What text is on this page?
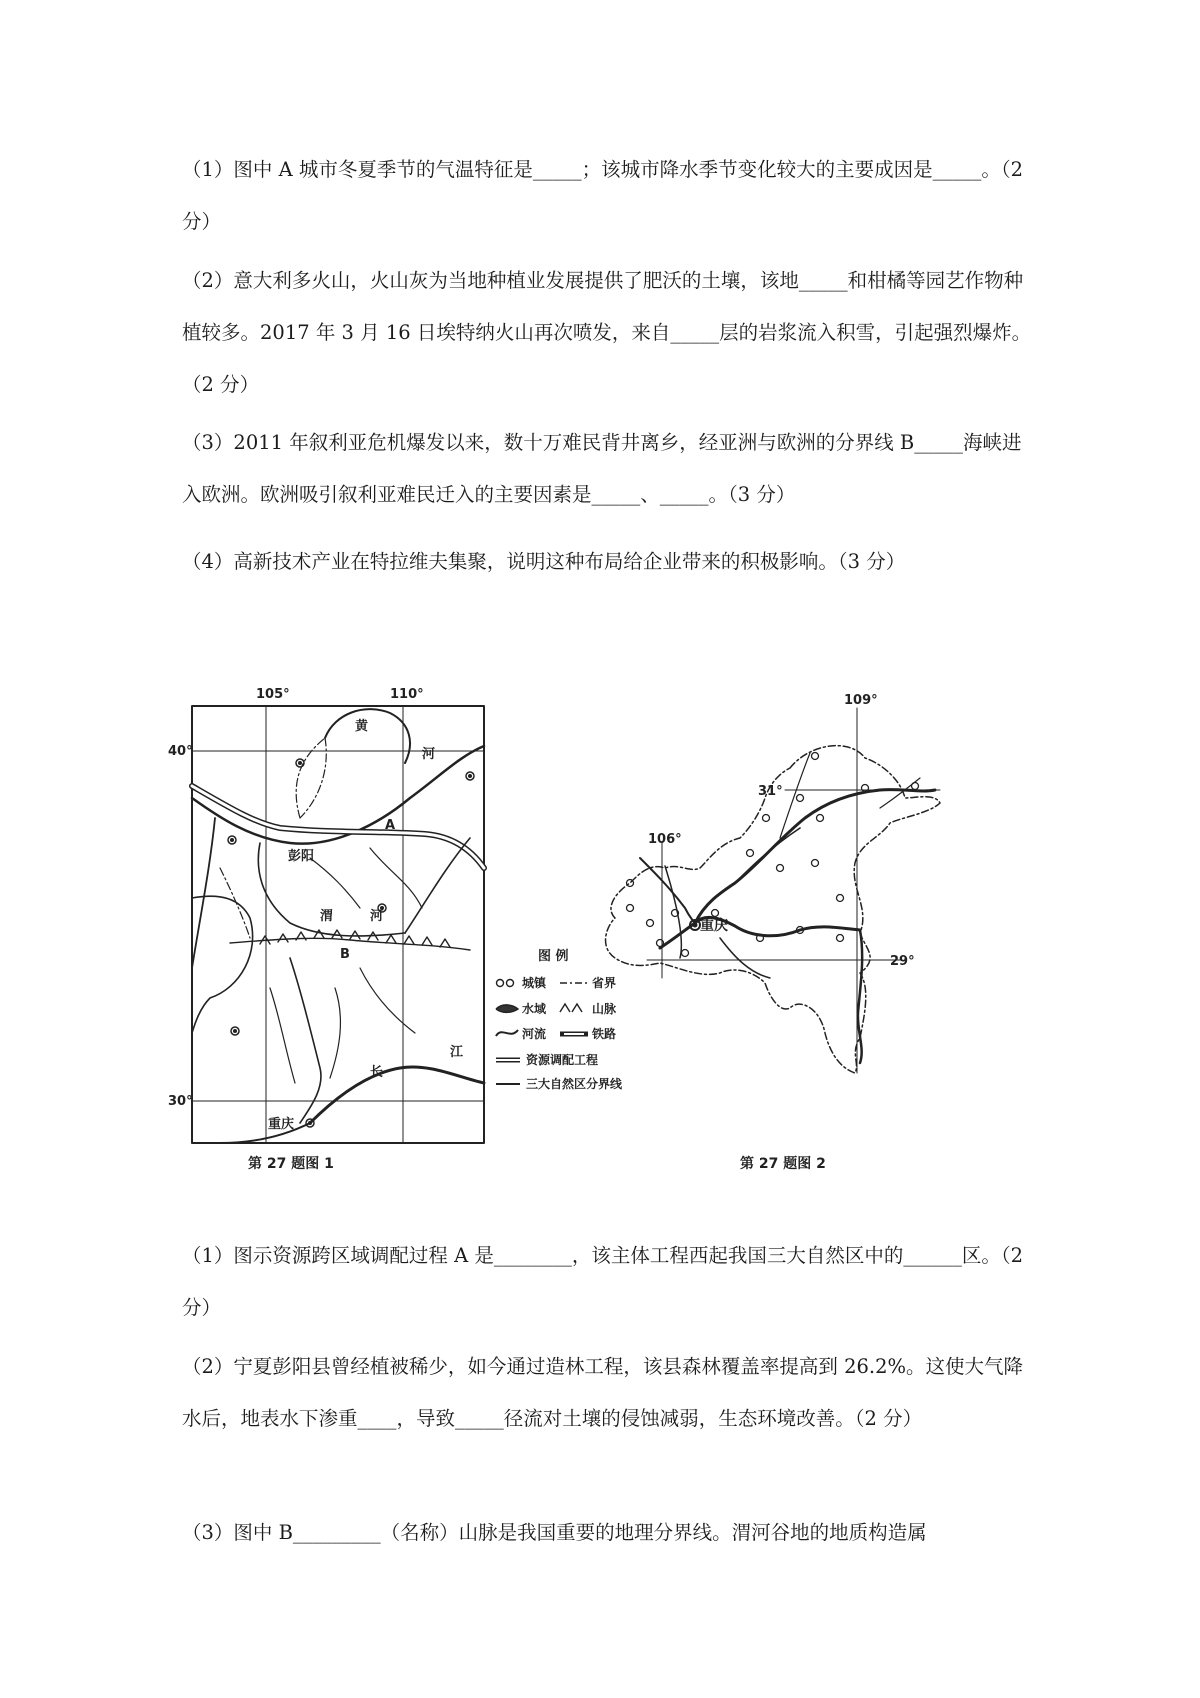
（1）图中 A 城市冬夏季节的气温特征是_____；该城市降水季节变化较大的主要成因是_____。（2 分）

（2）意大利多火山，火山灰为当地种植业发展提供了肥沃的土壤，该地_____和柑橘等园艺作物种植较多。2017 年 3 月 16 日埃特纳火山再次喷发，来自_____层的岩浆流入积雪，引起强烈爆炸。（2 分）

（3）2011 年叙利亚危机爆发以来，数十万难民背井离乡，经亚洲与欧洲的分界线 B_____海峡进入欧洲。欧洲吸引叙利亚难民迁入的主要因素是_____、_____。（3 分）

（4）高新技术产业在特拉维夫集聚，说明这种布局给企业带来的积极影响。（3 分）

105°	110°
40°
30°
黄
河
A
彭阳
渭	河
B
长
江
重庆
图 例
城镇	省界
水域	山脉
河流	铁路
资源调配工程
三大自然区分界线
第 27 题图 1
106°
109°
31°
29°
重庆
第 27 题图 2

（1）图示资源跨区域调配过程 A 是________，该主体工程西起我国三大自然区中的______区。（2 分）

（2）宁夏彭阳县曾经植被稀少，如今通过造林工程，该县森林覆盖率提高到 26.2%。这使大气降水后，地表水下渗重____，导致_____径流对土壤的侵蚀减弱，生态环境改善。（2 分）

（3）图中 B_________（名称）山脉是我国重要的地理分界线。渭河谷地的地质构造属
